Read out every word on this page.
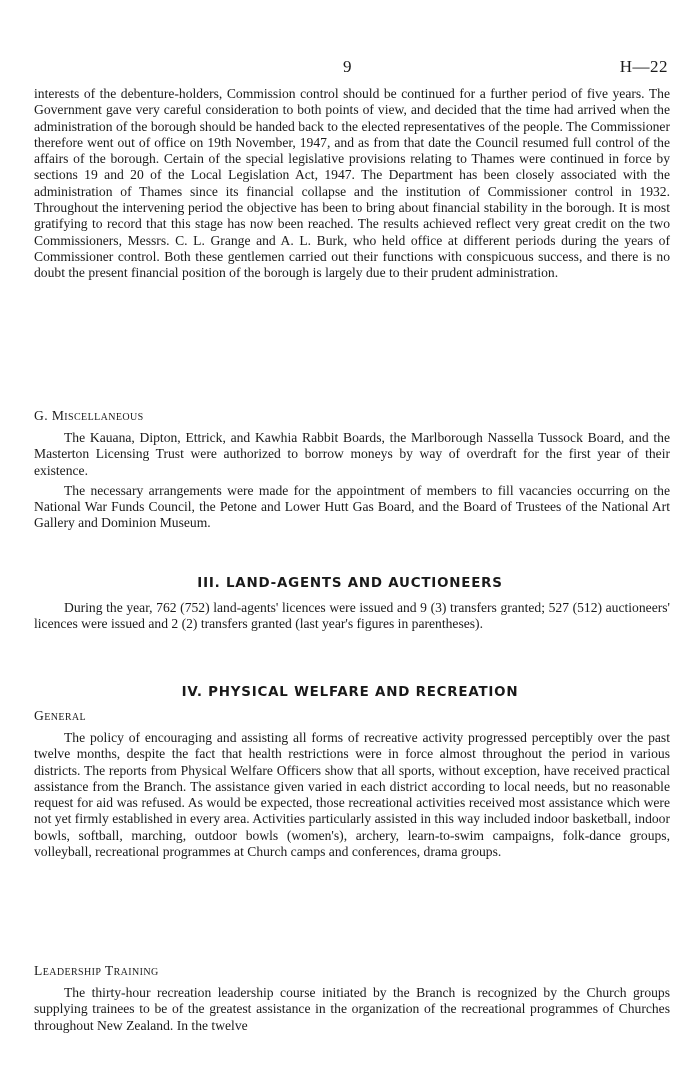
9	H—22

interests of the debenture-holders, Commission control should be continued for a further period of five years. The Government gave very careful consideration to both points of view, and decided that the time had arrived when the administration of the borough should be handed back to the elected representatives of the people. The Commissioner therefore went out of office on 19th November, 1947, and as from that date the Council resumed full control of the affairs of the borough. Certain of the special legislative provisions relating to Thames were continued in force by sections 19 and 20 of the Local Legislation Act, 1947. The Department has been closely associated with the administration of Thames since its financial collapse and the institution of Commissioner control in 1932. Throughout the intervening period the objective has been to bring about financial stability in the borough. It is most gratifying to record that this stage has now been reached. The results achieved reflect very great credit on the two Commissioners, Messrs. C. L. Grange and A. L. Burk, who held office at different periods during the years of Commissioner control. Both these gentlemen carried out their functions with conspicuous success, and there is no doubt the present financial position of the borough is largely due to their prudent administration.

G. Miscellaneous

The Kauana, Dipton, Ettrick, and Kawhia Rabbit Boards, the Marlborough Nassella Tussock Board, and the Masterton Licensing Trust were authorized to borrow moneys by way of overdraft for the first year of their existence.

The necessary arrangements were made for the appointment of members to fill vacancies occurring on the National War Funds Council, the Petone and Lower Hutt Gas Board, and the Board of Trustees of the National Art Gallery and Dominion Museum.

III. LAND-AGENTS AND AUCTIONEERS

During the year, 762 (752) land-agents' licences were issued and 9 (3) transfers granted; 527 (512) auctioneers' licences were issued and 2 (2) transfers granted (last year's figures in parentheses).

IV. PHYSICAL WELFARE AND RECREATION

General

The policy of encouraging and assisting all forms of recreative activity progressed perceptibly over the past twelve months, despite the fact that health restrictions were in force almost throughout the period in various districts. The reports from Physical Welfare Officers show that all sports, without exception, have received practical assistance from the Branch. The assistance given varied in each district according to local needs, but no reasonable request for aid was refused. As would be expected, those recreational activities received most assistance which were not yet firmly established in every area. Activities particularly assisted in this way included indoor basketball, indoor bowls, softball, marching, outdoor bowls (women's), archery, learn-to-swim campaigns, folk-dance groups, volleyball, recreational programmes at Church camps and conferences, drama groups.

Leadership Training

The thirty-hour recreation leadership course initiated by the Branch is recognized by the Church groups supplying trainees to be of the greatest assistance in the organization of the recreational programmes of Churches throughout New Zealand. In the twelve
